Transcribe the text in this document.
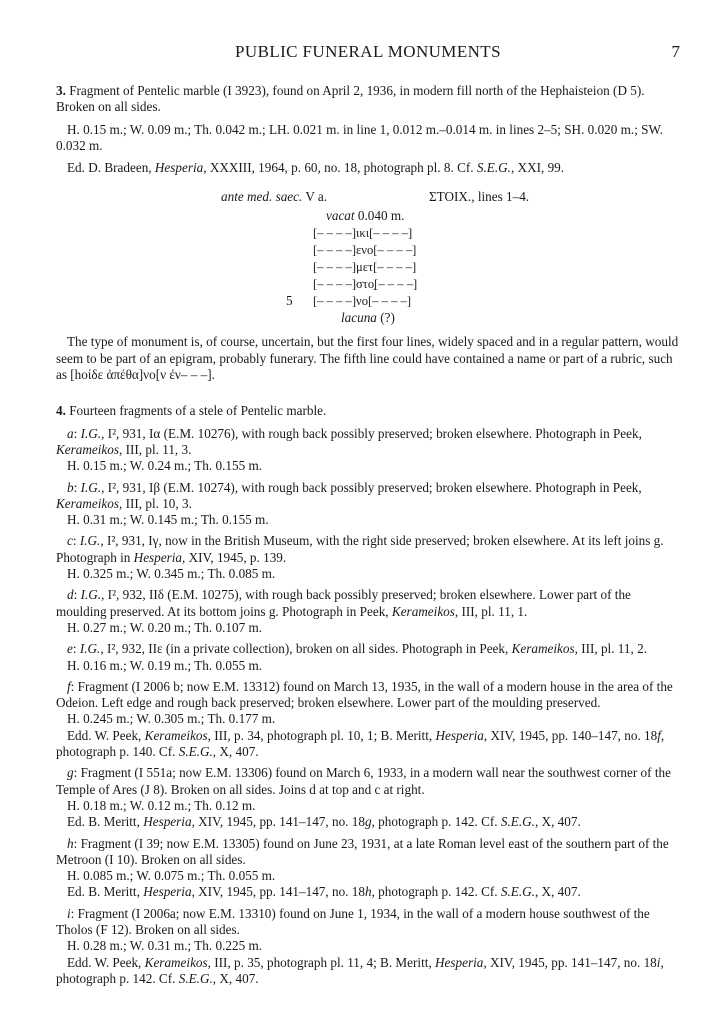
PUBLIC FUNERAL MONUMENTS	7

3. Fragment of Pentelic marble (I 3923), found on April 2, 1936, in modern fill north of the Hephaisteion (D 5). Broken on all sides.

H. 0.15 m.; W. 0.09 m.; Th. 0.042 m.; LH. 0.021 m. in line 1, 0.012 m.–0.014 m. in lines 2–5; SH. 0.020 m.; SW. 0.032 m.

Ed. D. Bradeen, Hesperia, XXXIII, 1964, p. 60, no. 18, photograph pl. 8. Cf. S.E.G., XXI, 99.

ante med. saec. V a.	ΣΤΟΙΧ., lines 1–4.
vacat 0.040 m.
[– – – –]ικι[– – – –]
[– – – –]ενο[– – – –]
[– – – –]μετ[– – – –]
[– – – –]στο̣[– – – –]
5 [– – – –]νο[– – – –]
lacuna (?)

The type of monument is, of course, uncertain, but the first four lines, widely spaced and in a regular pattern, would seem to be part of an epigram, probably funerary. The fifth line could have contained a name or part of a rubric, such as [hοίδε ἀπέθα]νο[ν ἐν– – –].

4. Fourteen fragments of a stele of Pentelic marble.

a: I.G., I², 931, Iα (E.M. 10276), with rough back possibly preserved; broken elsewhere. Photograph in Peek, Kerameikos, III, pl. 11, 3.

H. 0.15 m.; W. 0.24 m.; Th. 0.155 m.

b: I.G., I², 931, Iβ (E.M. 10274), with rough back possibly preserved; broken elsewhere. Photograph in Peek, Kerameikos, III, pl. 10, 3.

H. 0.31 m.; W. 0.145 m.; Th. 0.155 m.

c: I.G., I², 931, Iγ, now in the British Museum, with the right side preserved; broken elsewhere. At its left joins g. Photograph in Hesperia, XIV, 1945, p. 139.

H. 0.325 m.; W. 0.345 m.; Th. 0.085 m.

d: I.G., I², 932, IIδ (E.M. 10275), with rough back possibly preserved; broken elsewhere. Lower part of the moulding preserved. At its bottom joins g. Photograph in Peek, Kerameikos, III, pl. 11, 1.

H. 0.27 m.; W. 0.20 m.; Th. 0.107 m.

e: I.G., I², 932, IIε (in a private collection), broken on all sides. Photograph in Peek, Kerameikos, III, pl. 11, 2.

H. 0.16 m.; W. 0.19 m.; Th. 0.055 m.

f: Fragment (I 2006 b; now E.M. 13312) found on March 13, 1935, in the wall of a modern house in the area of the Odeion. Left edge and rough back preserved; broken elsewhere. Lower part of the moulding preserved.

H. 0.245 m.; W. 0.305 m.; Th. 0.177 m.

Edd. W. Peek, Kerameikos, III, p. 34, photograph pl. 10, 1; B. Meritt, Hesperia, XIV, 1945, pp. 140–147, no. 18f, photograph p. 140. Cf. S.E.G., X, 407.

g: Fragment (I 551a; now E.M. 13306) found on March 6, 1933, in a modern wall near the southwest corner of the Temple of Ares (J 8). Broken on all sides. Joins d at top and c at right.

H. 0.18 m.; W. 0.12 m.; Th. 0.12 m.

Ed. B. Meritt, Hesperia, XIV, 1945, pp. 141–147, no. 18g, photograph p. 142. Cf. S.E.G., X, 407.

h: Fragment (I 39; now E.M. 13305) found on June 23, 1931, at a late Roman level east of the southern part of the Metroon (I 10). Broken on all sides.

H. 0.085 m.; W. 0.075 m.; Th. 0.055 m.

Ed. B. Meritt, Hesperia, XIV, 1945, pp. 141–147, no. 18h, photograph p. 142. Cf. S.E.G., X, 407.

i: Fragment (I 2006a; now E.M. 13310) found on June 1, 1934, in the wall of a modern house southwest of the Tholos (F 12). Broken on all sides.

H. 0.28 m.; W. 0.31 m.; Th. 0.225 m.

Edd. W. Peek, Kerameikos, III, p. 35, photograph pl. 11, 4; B. Meritt, Hesperia, XIV, 1945, pp. 141–147, no. 18i, photograph p. 142. Cf. S.E.G., X, 407.
